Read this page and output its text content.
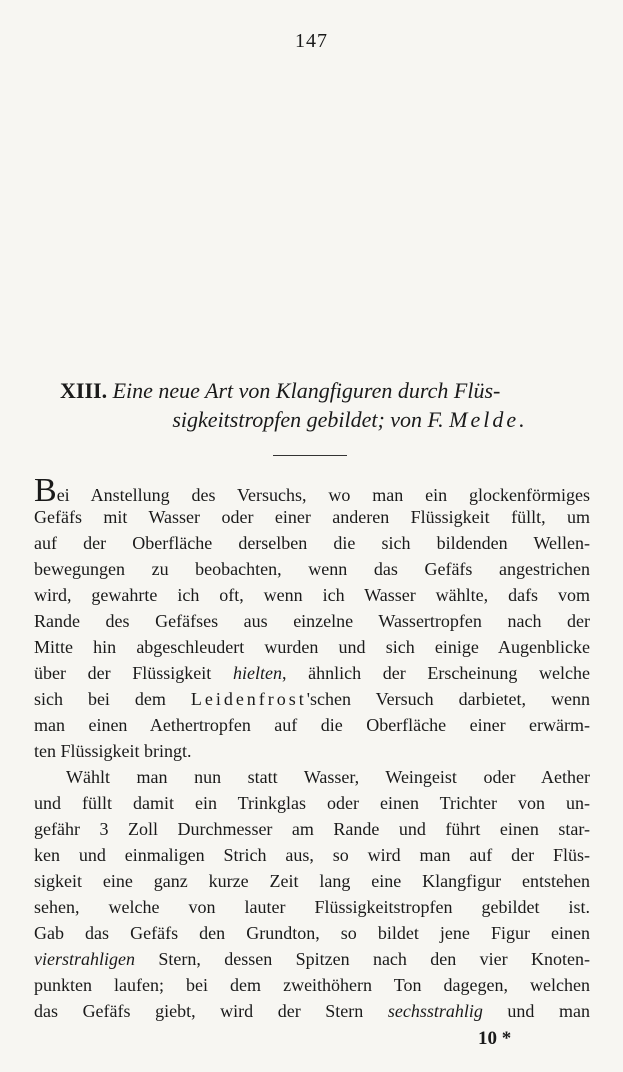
147
XIII. Eine neue Art von Klangfiguren durch Flüs-
sigkeitstropfen gebildet; von F. Melde.
Bei Anstellung des Versuchs, wo man ein glockenförmiges
Gefäfs mit Wasser oder einer anderen Flüssigkeit füllt, um
auf der Oberfläche derselben die sich bildenden Wellen-
bewegungen zu beobachten, wenn das Gefäfs angestrichen
wird, gewahrte ich oft, wenn ich Wasser wählte, dafs vom
Rande des Gefäfses aus einzelne Wassertropfen nach der
Mitte hin abgeschleudert wurden und sich einige Augenblicke
über der Flüssigkeit hielten, ähnlich der Erscheinung welche
sich bei dem Leidenfrost'schen Versuch darbietet, wenn
man einen Aethertropfen auf die Oberfläche einer erwärm-
ten Flüssigkeit bringt.
Wählt man nun statt Wasser, Weingeist oder Aether
und füllt damit ein Trinkglas oder einen Trichter von un-
gefähr 3 Zoll Durchmesser am Rande und führt einen star-
ken und einmaligen Strich aus, so wird man auf der Flüs-
sigkeit eine ganz kurze Zeit lang eine Klangfigur entstehen
sehen, welche von lauter Flüssigkeitstropfen gebildet ist.
Gab das Gefäfs den Grundton, so bildet jene Figur einen
vierstrahligen Stern, dessen Spitzen nach den vier Knoten-
punkten laufen; bei dem zweithöhern Ton dagegen, welchen
das Gefäfs giebt, wird der Stern sechsstrahlig und man
10 *
